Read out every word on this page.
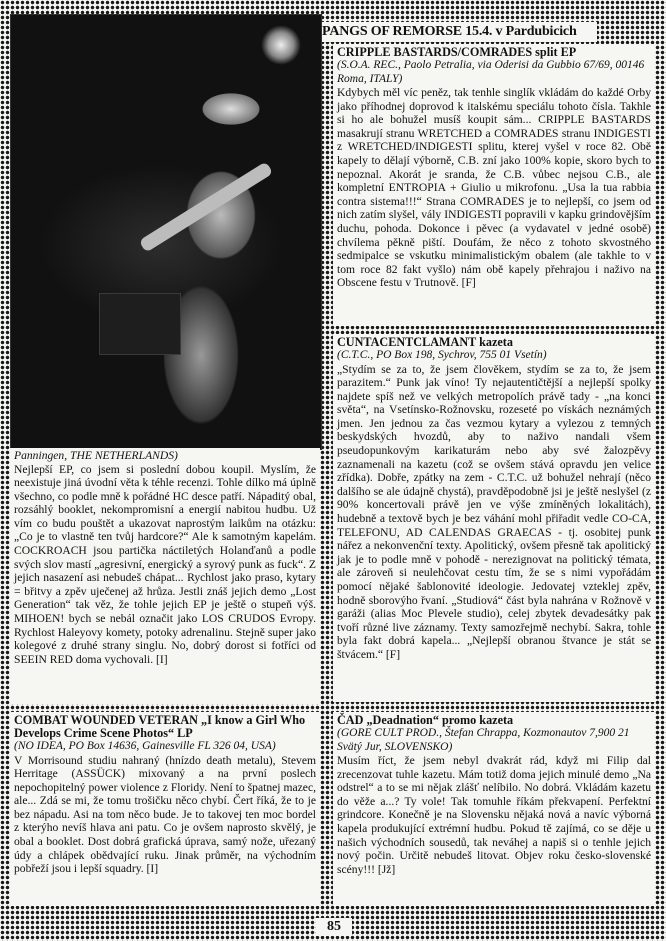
PANGS OF REMORSE 15.4. v Pardubicich
CRIPPLE BASTARDS/COMRADES split EP
(S.O.A. REC., Paolo Petralia, via Oderisi da Gubbio 67/69, 00146 Roma, ITALY)

Kdybych měl víc peněz, tak tenhle singlík vkládám do každé Orby jako příhodnej doprovod k italskému speciálu tohoto čísla. Takhle si ho ale bohužel musíš koupit sám... CRIPPLE BASTARDS masakrují stranu WRETCHED a COMRADES stranu INDIGESTI z WRETCHED/INDIGESTI splitu, kterej vyšel v roce 82. Obě kapely to dělají výborně, C.B. zní jako 100% kopie, skoro bych to nepoznal. Akorát je sranda, že C.B. vůbec nejsou C.B., ale kompletní ENTROPIA + Giulio u mikrofonu. „Usa la tua rabbia contra sistema!!!“ Strana COMRADES je to nejlepší, co jsem od nich zatím slyšel, vály INDIGESTI popravili v kapku grindovějším duchu, pohoda. Dokonce i pěvec (a vydavatel v jedné osobě) chvílema pěkně piští. Doufám, že něco z tohoto skvostného sedmipalce se vskutku minimalistickým obalem (ale takhle to v tom roce 82 fakt vyšlo) nám obě kapely přehrajou i naživo na Obscene festu v Trutnově. [F]

CUNTACENTCLAMANT kazeta
(C.T.C., PO Box 198, Sychrov, 755 01 Vsetín)

„Stydím se za to, že jsem člověkem, stydím se za to, že jsem parazitem.“ Punk jak víno! Ty nejautentičtější a nejlepší spolky najdete spíš než ve velkých metropolích právě tady - „na konci světa“, na Vsetínsko-Rožnovsku, rozeseté po vískách neznámých jmen. Jen jednou za čas vezmou kytary a vylezou z temných beskydských hvozdů, aby to naživo nandali všem pseudopunkovým karikaturám nebo aby své žalozpěvy zaznamenali na kazetu (což se ovšem stává opravdu jen velice zřídka). Dobře, zpátky na zem - C.T.C. už bohužel nehrají (něco dalšího se ale údajně chystá), pravděpodobně jsi je ještě neslyšel (z 90% koncertovali právě jen ve výše zmíněných lokalitách), hudebně a textově bych je bez váhání mohl přiřadit vedle CO-CA, TELEFONU, AD CALENDAS GRAECAS - tj. osobitej punk nářez a nekonvenční texty. Apolitický, ovšem přesně tak apolitický jak je to podle mně v pohodě - nerezignovat na politický témata, ale zároveň si neulehčovat cestu tím, že se s nimi vypořádám pomocí nějaké šablonovité ideologie. Jedovatej vzteklej zpěv, hodně sborovýho řvaní. „Studiová“ část byla nahrána v Rožnově v garáži (alias Moc Plevele studio), celej zbytek devadesátky pak tvoří různé live záznamy. Texty samozřejmě nechybí. Sakra, tohle byla fakt dobrá kapela... „Nejlepší obranou štvance je stát se štvácem.“ [F]

Panningen, THE NETHERLANDS)

Nejlepší EP, co jsem si poslední dobou koupil. Myslím, že neexistuje jiná úvodní věta k téhle recenzi. Tohle dílko má úplně všechno, co podle mně k pořádné HC desce patří. Nápaditý obal, rozsáhlý booklet, nekompromisní a energií nabitou hudbu. Už vím co budu pouštět a ukazovat naprostým laikům na otázku: „Co je to vlastně ten tvůj hardcore?“ Ale k samotným kapelám. COCKROACH jsou partička náctiletých Holanďanů a podle svých slov mastí „agresivní, energický a syrový punk as fuck“. Z jejich nasazení asi nebudeš chápat... Rychlost jako praso, kytary = břitvy a zpěv uječenej až hrůza. Jestli znáš jejich demo „Lost Generation“ tak věz, že tohle jejich EP je ještě o stupeň výš. MIHOEN! bych se nebál označit jako LOS CRUDOS Evropy. Rychlost Haleyovy komety, potoky adrenalinu. Stejně super jako kolegové z druhé strany singlu. No, dobrý dorost si fotříci od SEEIN RED doma vychovali. [I]

COMBAT WOUNDED VETERAN „I know a Girl Who Develops Crime Scene Photos“ LP
(NO IDEA, PO Box 14636, Gainesville FL 326 04, USA)

V Morrisound studiu nahraný (hnízdo death metalu), Stevem Herritage (ASSÜCK) mixovaný a na první poslech nepochopitelný power violence z Floridy. Není to špatnej mazec, ale... Zdá se mi, že tomu trošičku něco chybí. Čert říká, že to je bez nápadu. Asi na tom něco bude. Je to takovej ten moc bordel z kterýho nevíš hlava ani patu. Co je ovšem naprosto skvělý, je obal a booklet. Dost dobrá grafická úprava, samý nože, uřezaný údy a chlápek obědvající ruku. Jinak průměr, na východním pobřeží jsou i lepší squadry. [I]

ČAD „Deadnation“ promo kazeta
(GORE CULT PROD., Štefan Chrappa, Kozmonautov 7,900 21 Svätý Jur, SLOVENSKO)

Musím říct, že jsem nebyl dvakrát rád, když mi Filip dal zrecenzovat tuhle kazetu. Mám totiž doma jejich minulé demo „Na odstrel“ a to se mi nějak zlášť nelíbilo. No dobrá. Vkládám kazetu do věže a...? Ty vole! Tak tomuhle říkám překvapení. Perfektní grindcore. Konečně je na Slovensku nějaká nová a navíc výborná kapela produkující extrémní hudbu. Pokud tě zajímá, co se děje u našich východních sousedů, tak neváhej a napiš si o tenhle jejich nový počin. Určitě nebudeš litovat. Objev roku česko-slovenské scény!!! [Jž]

85
